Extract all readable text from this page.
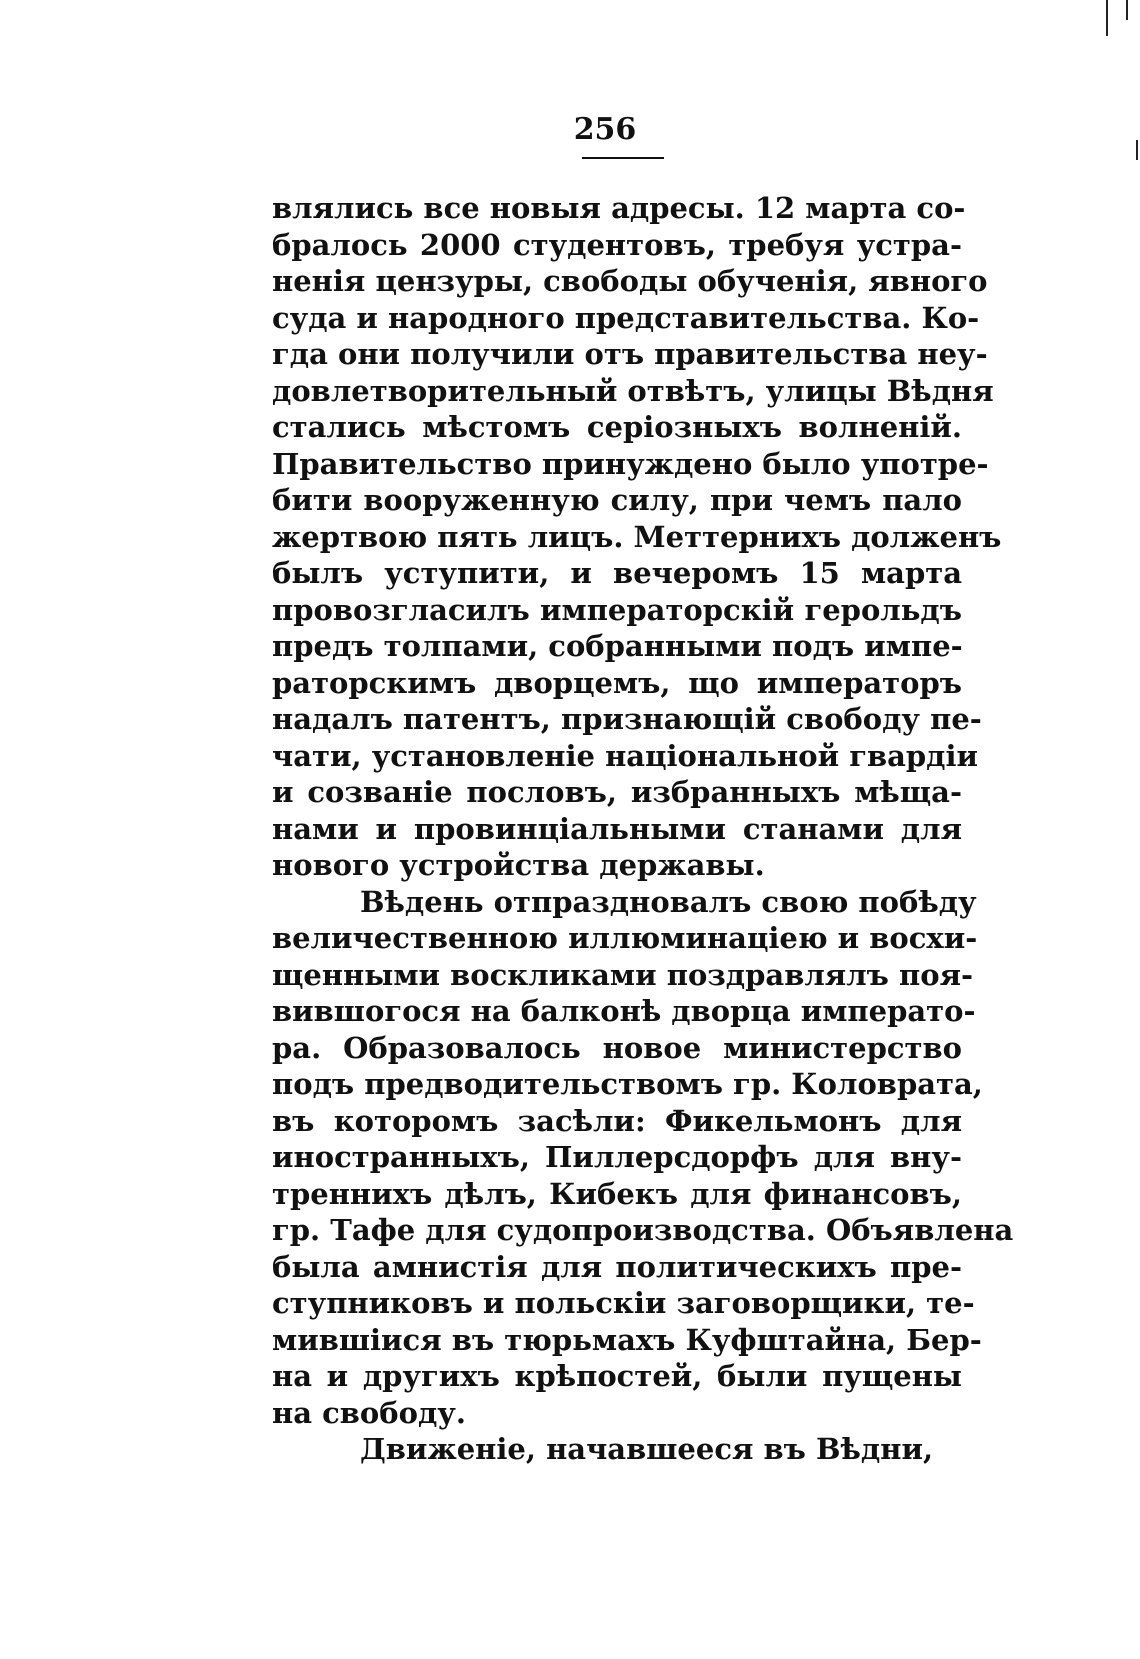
256
влялись все новыя адресы. 12 марта со-
бралось 2000 студентовъ, требуя устра-
ненія цензуры, свободы обученія, явного
суда и народного представительства. Ко-
гда они получили отъ правительства неу-
довлетворительный отвѣтъ, улицы Вѣдня
стались мѣстомъ серіозныхъ волненій.
Правительство принуждено было употре-
бити вооруженную силу, при чемъ пало
жертвою пять лицъ. Меттернихъ долженъ
былъ уступити, и вечеромъ 15 марта
провозгласилъ императорскій герольдъ
предъ толпами, собранными подъ импе-
раторскимъ дворцемъ, що императоръ
надалъ патентъ, признающій свободу пе-
чати, установленіе національной гвардіи
и созваніе пословъ, избранныхъ мѣща-
нами и провинціальными станами для
нового устройства державы.
Вѣдень отпраздновалъ свою побѣду
величественною иллюминаціею и восхи-
щенными воскликами поздравлялъ поя-
вившогося на балконѣ дворца императо-
ра. Образовалось новое министерство
подъ предводительствомъ гр. Коловрата,
въ которомъ засѣли: Фикельмонъ для
иностранныхъ, Пиллерсдорфъ для вну-
треннихъ дѣлъ, Кибекъ для финансовъ,
гр. Тафе для судопроизводства. Объявлена
была амнистія для политическихъ пре-
ступниковъ и польскіи заговорщики, те-
мившіися въ тюрьмахъ Куфштайна, Бер-
на и другихъ крѣпостей, были пущены
на свободу.
Движеніе, начавшееся въ Вѣдни,
